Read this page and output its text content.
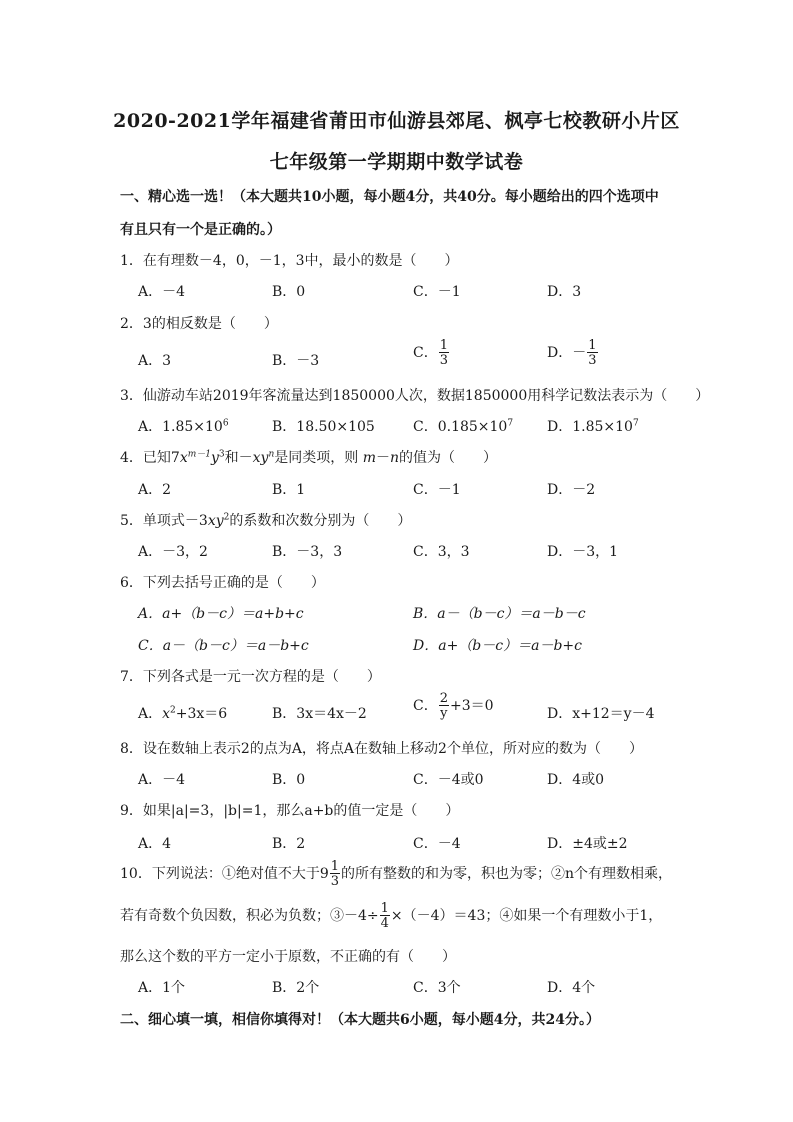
2020-2021学年福建省莆田市仙游县郊尾、枫亭七校教研小片区
七年级第一学期期中数学试卷
一、精心选一选！（本大题共10小题，每小题4分，共40分。每小题给出的四个选项中
有且只有一个是正确的。）
1．在有理数－4，0，－1，3中，最小的数是（　　）
A．－4	B．0	C．－1	D．3
2．3的相反数是（　　）
A．3	B．－3	C． $\frac{1}{3}$	D．－ $\frac{1}{3}$
3．仙游动车站2019年客流量达到1850000人次，数据1850000用科学记数法表示为（　　）
A．$1.85\times 10^6$	B．18.50×105	C．$0.185\times 10^7$ D．$1.85\times 10^7$
4．已知$7x^{m-1}y^3$和$-xy^n$是同类项，则 m－n的值为（　　）
A．2	B．1	C．－1	D．－2
5．单项式$-3xy^2$的系数和次数分别为（　　）
A．－3，2	B．－3，3	C．3，3	D．－3，1
6．下列去括号正确的是（　　）
A．a+（b－c）＝a+b+c	B．a－（b－c）＝a－b－c
C．a－（b－c）＝a－b+c	D．a+（b－c）＝a－b+c
7．下列各式是一元一次方程的是（　　）
A．$x^2+3x=6$	B．3x＝4x－2	C． $\frac{2}{y} +3=0$	D．x+12＝y－4
8．设在数轴上表示2的点为A，将点A在数轴上移动2个单位，所对应的数为（　　）
A．－4	B．0	C．－4或0	D．4或0
9．如果|a|=3，|b|=1，那么a+b的值一定是（　　）
A．4	B．2	C．－4	D．±4或±2
10．下列说法：①绝对值不大于$9 \frac{1}{3}$ 的所有整数的和为零，积也为零；②n个有理数相乘，
若有奇数个负因数，积必为负数；③－4÷ $\frac{1}{4} \times(-4)=43$；④如果一个有理数小于1，
那么这个数的平方一定小于原数，不正确的有（　　）
A．1个	B．2个	C．3个	D．4个
二、细心填一填，相信你填得对！（本大题共6小题，每小题4分，共24分。）
